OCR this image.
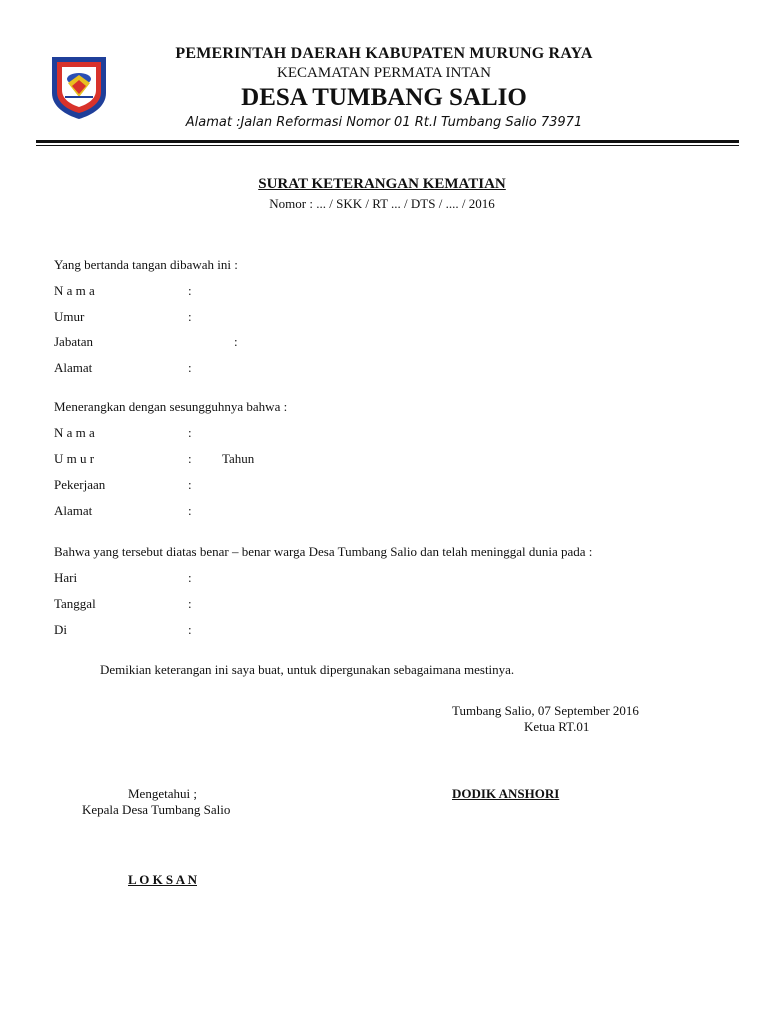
PEMERINTAH DAERAH KABUPATEN MURUNG RAYA
KECAMATAN PERMATA INTAN
DESA TUMBANG SALIO
Alamat :Jalan Reformasi Nomor 01 Rt.I Tumbang Salio 73971
SURAT KETERANGAN KEMATIAN
Nomor : ... / SKK / RT ... / DTS / .... / 2016
Yang bertanda tangan dibawah ini :
N a m a	:
Umur	:
Jabatan	:
Alamat	:
Menerangkan dengan sesungguhnya bahwa :
N a m a	:
U m u r	: Tahun
Pekerjaan	:
Alamat	:
Bahwa yang tersebut diatas benar – benar warga Desa Tumbang Salio dan telah meninggal dunia pada :
Hari	:
Tanggal	:
Di	:
Demikian keterangan ini saya buat, untuk dipergunakan sebagaimana mestinya.
Tumbang Salio, 07 September 2016
Ketua RT.01
DODIK ANSHORI
Mengetahui ;
Kepala Desa Tumbang Salio
L O K S A N
